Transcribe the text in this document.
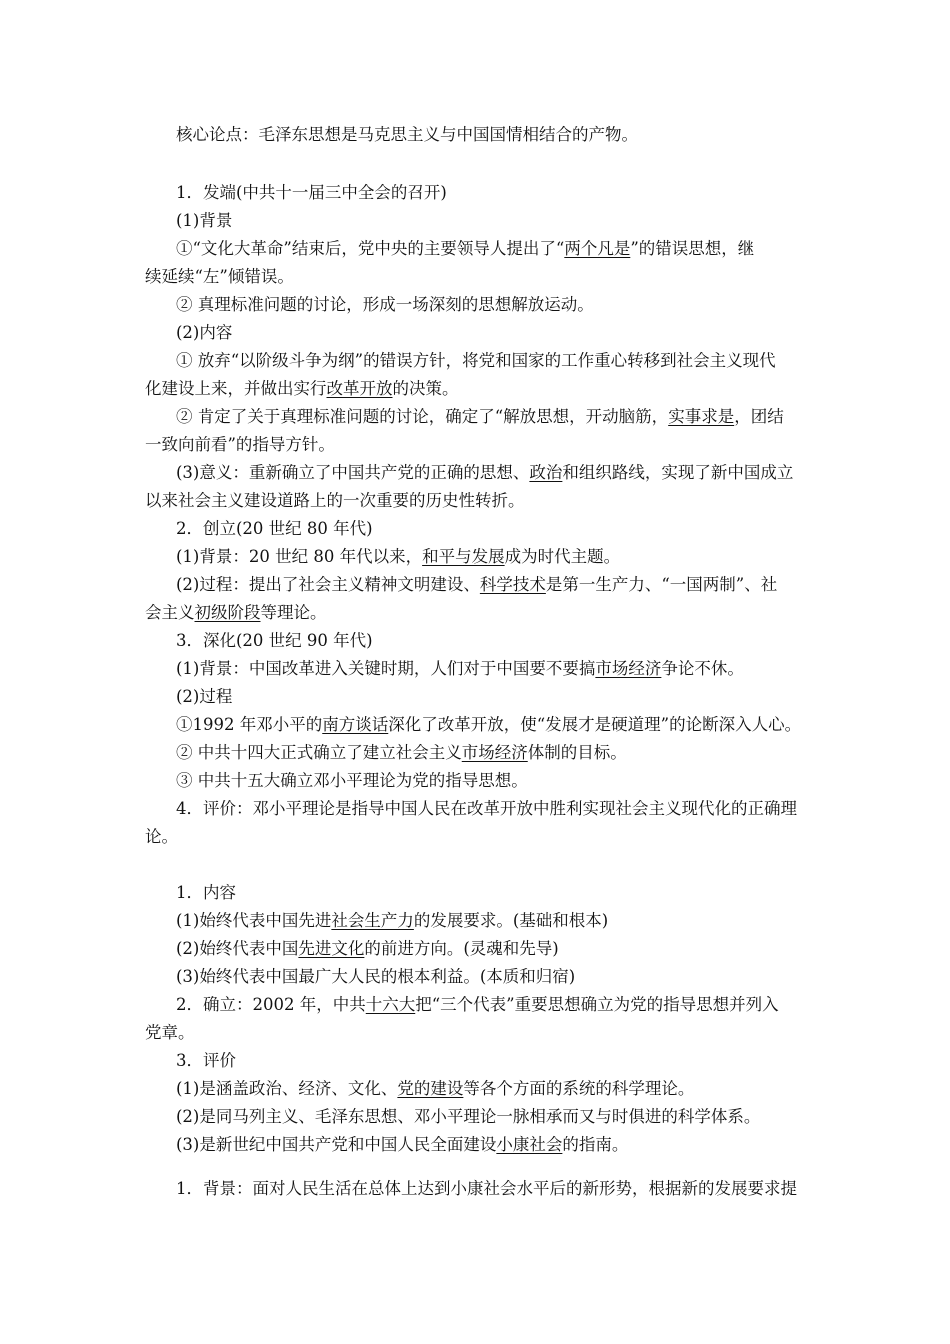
核心论点：毛泽东思想是马克思主义与中国国情相结合的产物。
1．发端(中共十一届三中全会的召开)
(1)背景
①“文化大革命”结束后，党中央的主要领导人提出了“两个凡是”的错误思想，继
续延续“左”倾错误。
② 真理标准问题的讨论，形成一场深刻的思想解放运动。
(2)内容
① 放弃“以阶级斗争为纲”的错误方针，将党和国家的工作重心转移到社会主义现代
化建设上来，并做出实行改革开放的决策。
② 肯定了关于真理标准问题的讨论，确定了“解放思想，开动脑筋，实事求是，团结
一致向前看”的指导方针。
(3)意义：重新确立了中国共产党的正确的思想、政治和组织路线，实现了新中国成立
以来社会主义建设道路上的一次重要的历史性转折。
2．创立(20 世纪 80 年代)
(1)背景：20 世纪 80 年代以来，和平与发展成为时代主题。
(2)过程：提出了社会主义精神文明建设、科学技术是第一生产力、“一国两制”、社
会主义初级阶段等理论。
3．深化(20 世纪 90 年代)
(1)背景：中国改革进入关键时期，人们对于中国要不要搞市场经济争论不休。
(2)过程
①1992 年邓小平的南方谈话深化了改革开放，使“发展才是硬道理”的论断深入人心。
② 中共十四大正式确立了建立社会主义市场经济体制的目标。
③ 中共十五大确立邓小平理论为党的指导思想。
4．评价：邓小平理论是指导中国人民在改革开放中胜利实现社会主义现代化的正确理
论。
1．内容
(1)始终代表中国先进社会生产力的发展要求。(基础和根本)
(2)始终代表中国先进文化的前进方向。(灵魂和先导)
(3)始终代表中国最广大人民的根本利益。(本质和归宿)
2．确立：2002 年，中共十六大把“三个代表”重要思想确立为党的指导思想并列入
党章。
3．评价
(1)是涵盖政治、经济、文化、党的建设等各个方面的系统的科学理论。
(2)是同马列主义、毛泽东思想、邓小平理论一脉相承而又与时俱进的科学体系。
(3)是新世纪中国共产党和中国人民全面建设小康社会的指南。
1．背景：面对人民生活在总体上达到小康社会水平后的新形势，根据新的发展要求提
